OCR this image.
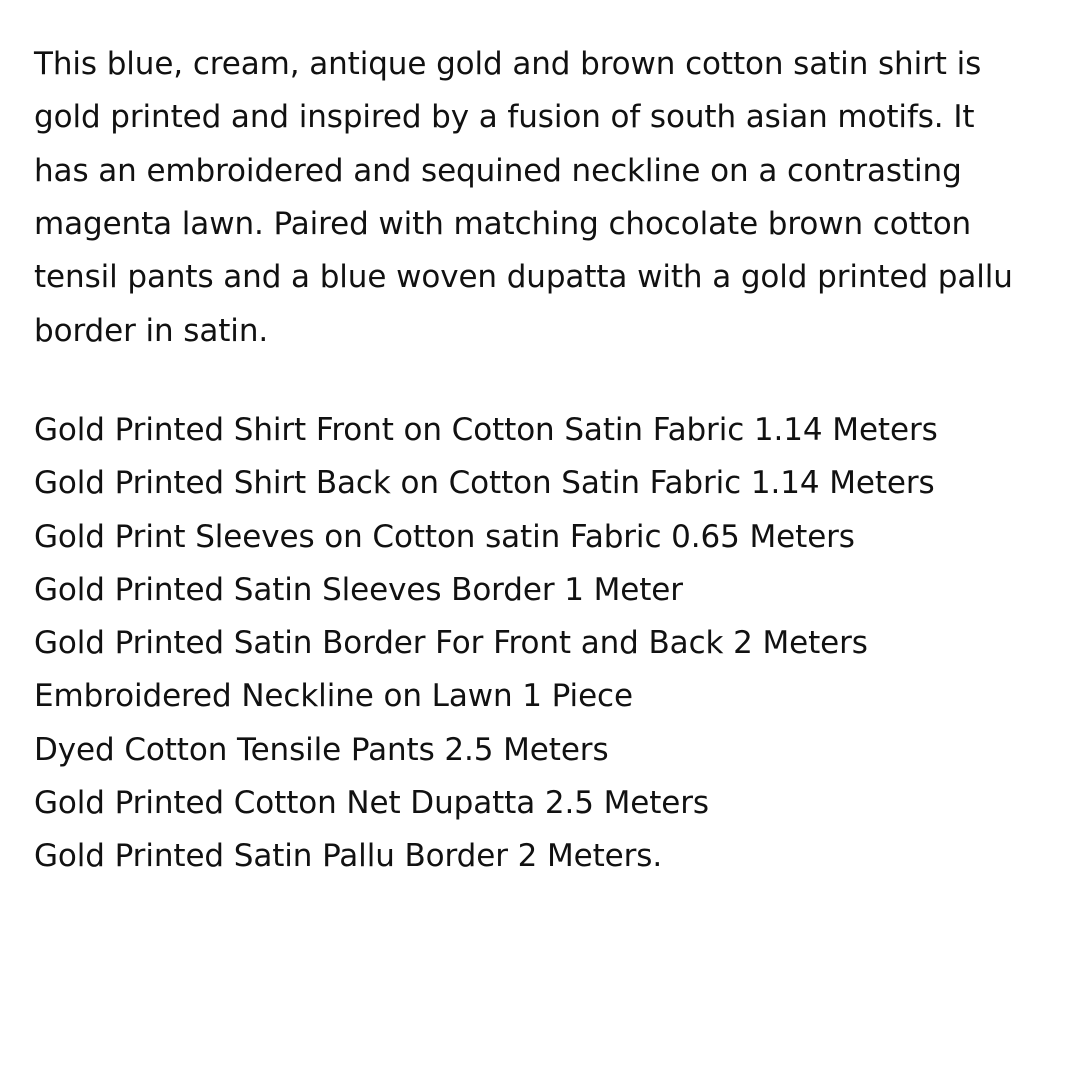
This blue, cream, antique gold and brown cotton satin shirt is gold printed and inspired by a fusion of south asian motifs. It has an embroidered and sequined neckline on a contrasting magenta lawn. Paired with matching chocolate brown cotton tensil pants and a blue woven dupatta with a gold printed pallu border in satin.

Gold Printed Shirt Front on Cotton Satin Fabric 1.14 Meters
Gold Printed Shirt Back on Cotton Satin Fabric 1.14 Meters
Gold Print Sleeves on Cotton satin Fabric 0.65 Meters
Gold Printed Satin Sleeves Border 1 Meter
Gold Printed Satin Border For Front and Back 2 Meters
Embroidered Neckline on Lawn 1 Piece
Dyed Cotton Tensile Pants 2.5 Meters
Gold Printed Cotton Net Dupatta 2.5 Meters
Gold Printed Satin Pallu Border 2 Meters.
